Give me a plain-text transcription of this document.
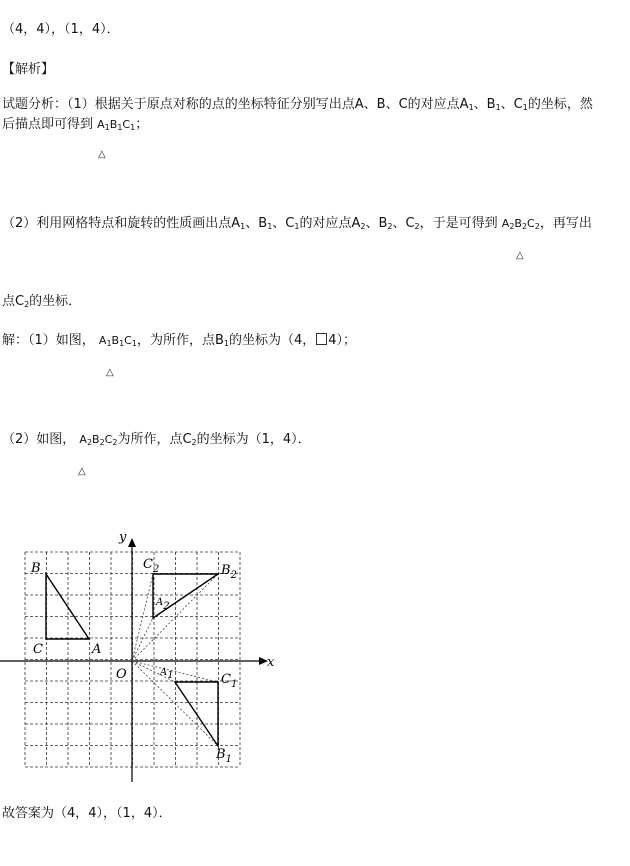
（4，4），（1，4）．
【解析】
试题分析：（1）根据关于原点对称的点的坐标特征分别写出点A、B、C的对应点$A_1$、$B_1$、$C_1$的坐标，然
后描点即可得到 $A_1B_1C_1$；
△
（2）利用网格特点和旋转的性质画出点$A_1$、$B_1$、$C_1$的对应点$A_2$、$B_2$、$C_2$，于是可得到 $A_2B_2C_2$，再写出
△
点$C_2$的坐标．
解：（1）如图， $A_1B_1C_1$，为所作，点$B_1$的坐标为（4， 4）；
△
（2）如图， $A_2B_2C_2$为所作，点$C_2$的坐标为（1，4）．
△
y
x
O
B
C	A
$C_2$	$B_2$
$A_2$
$A_1$	$C_1$
$B_1$
故答案为（4，4），（1，4）．
